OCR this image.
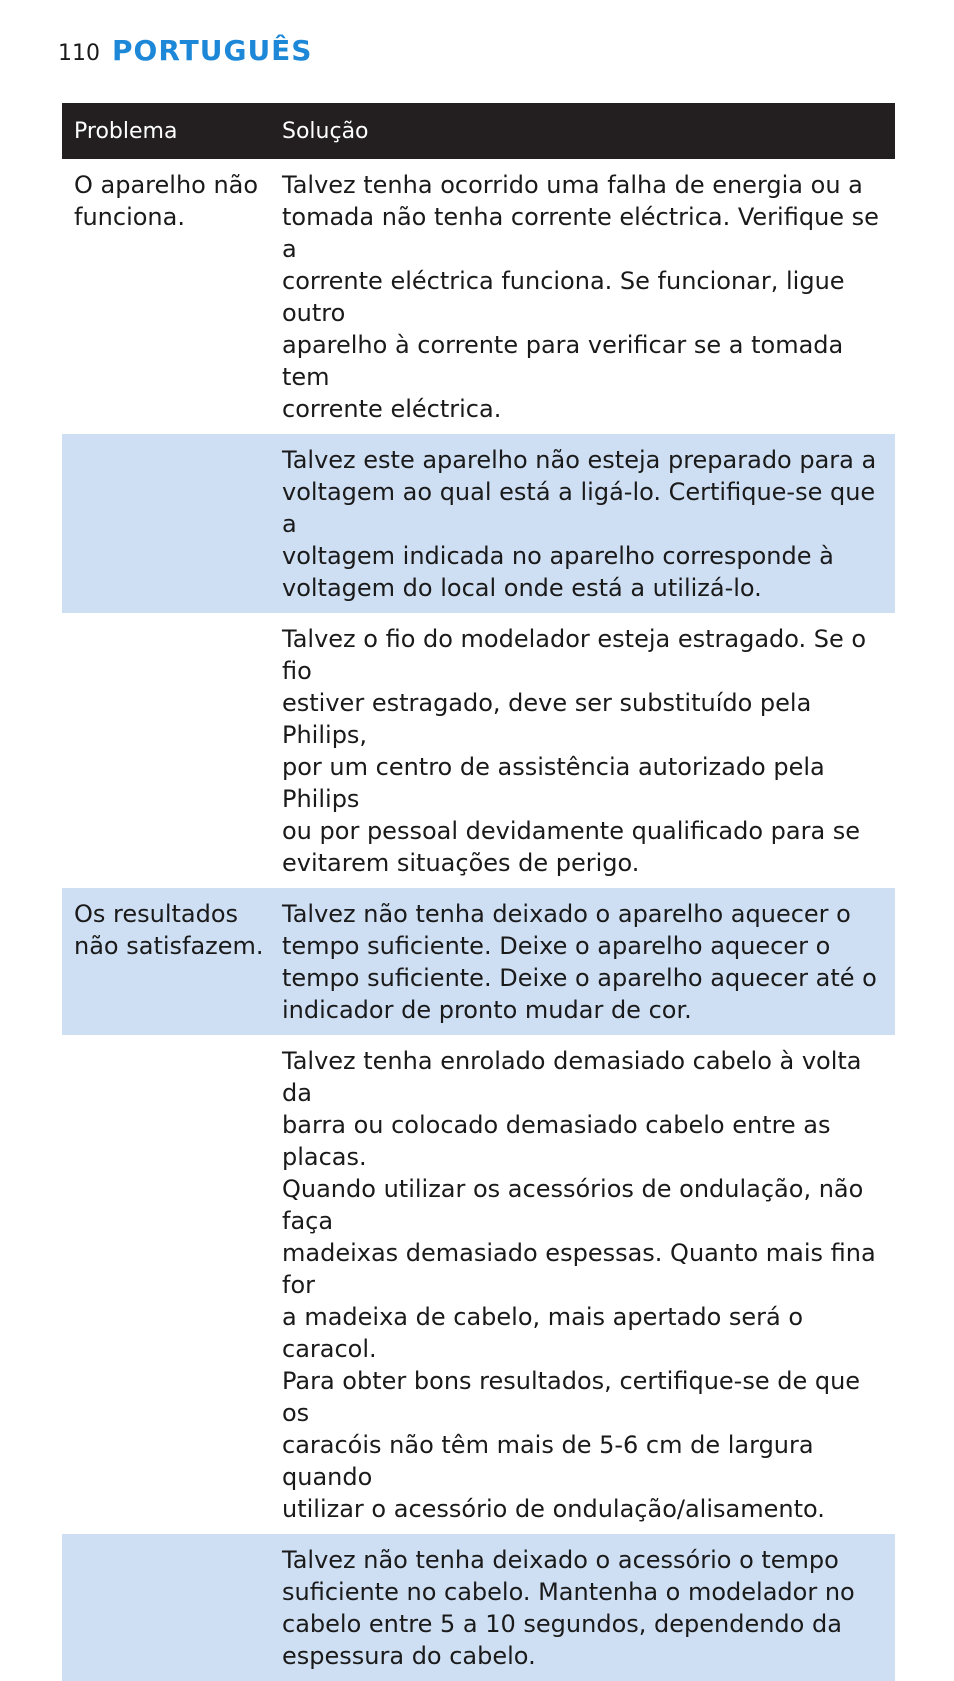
110 PORTUGUÊS
Problema	Solução
O aparelho não
funciona.
Talvez tenha ocorrido uma falha de energia ou a
tomada não tenha corrente eléctrica. Verifique se a
corrente eléctrica funciona. Se funcionar, ligue outro
aparelho à corrente para verificar se a tomada tem
corrente eléctrica.
Talvez este aparelho não esteja preparado para a
voltagem ao qual está a ligá-lo. Certifique-se que a
voltagem indicada no aparelho corresponde à
voltagem do local onde está a utilizá-lo.
Talvez o fio do modelador esteja estragado. Se o fio
estiver estragado, deve ser substituído pela Philips,
por um centro de assistência autorizado pela Philips
ou por pessoal devidamente qualificado para se
evitarem situações de perigo.
Os resultados
não satisfazem.
Talvez não tenha deixado o aparelho aquecer o
tempo suficiente. Deixe o aparelho aquecer o
tempo suficiente. Deixe o aparelho aquecer até o
indicador de pronto mudar de cor.
Talvez tenha enrolado demasiado cabelo à volta da
barra ou colocado demasiado cabelo entre as placas.
Quando utilizar os acessórios de ondulação, não faça
madeixas demasiado espessas. Quanto mais fina for
a madeixa de cabelo, mais apertado será o caracol.
Para obter bons resultados, certifique-se de que os
caracóis não têm mais de 5-6 cm de largura quando
utilizar o acessório de ondulação/alisamento.
Talvez não tenha deixado o acessório o tempo
suficiente no cabelo. Mantenha o modelador no
cabelo entre 5 a 10 segundos, dependendo da
espessura do cabelo.
